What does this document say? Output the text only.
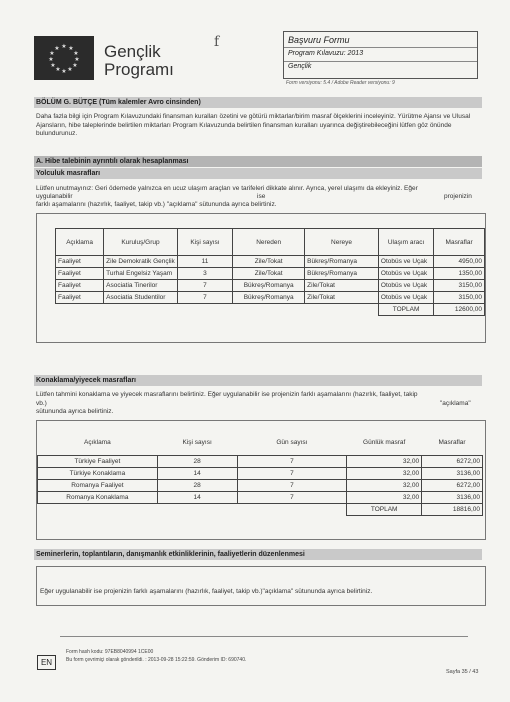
★ ★
★
★
★
★
★
★
★
★
★
★	Gençlik
Programı
f	Başvuru Formu
Program Kılavuzu: 2013
Gençlik
Form versiyonu: 5.4 / Adobe Reader versiyonu: 9
BÖLÜM G. BÜTÇE (Tüm kalemler Avro cinsinden)
Daha fazla bilgi için Program Kılavuzundaki finansman kuralları özetini ve götürü miktarlar/birim masraf ölçeklerini inceleyiniz. Yürütme Ajansı ve Ulusal Ajansların, hibe taleplerinde belirtilen miktarları Program Kılavuzunda belirtilen finansman kuralları uyarınca değiştirebileceğini lütfen göz önünde bulundurunuz.
A. Hibe talebinin ayrıntılı olarak hesaplanması
Yolculuk masrafları
Lütfen unutmayınız: Geri ödemede yalnızca en ucuz ulaşım araçları ve tarifeleri dikkate alınır. Ayrıca, yerel ulaşımı da ekleyiniz. Eğer
uygulanabilir	ise	projenizin
farklı aşamalarını (hazırlık, faaliyet, takip vb.) "açıklama" sütununda ayrıca belirtiniz.
Açıklama	Kuruluş/Grup	Kişi sayısı	Nereden	Nereye	Ulaşım aracı	Masraflar
Faaliyet	Zile Demokratik Gençlik	11	Zile/Tokat	Bükreş/Romanya	Otobüs ve Uçak	4950,00
Faaliyet	Turhal Engelsiz Yaşam	3	Zile/Tokat	Bükreş/Romanya	Otobüs ve Uçak	1350,00
Faaliyet	Asociatia Tinerilor	7	Bükreş/Romanya	Zile/Tokat	Otobüs ve Uçak	3150,00
Faaliyet	Asociatia Studentilor	7	Bükreş/Romanya	Zile/Tokat	Otobüs ve Uçak	3150,00
					TOPLAM	12600,00
Konaklama/yiyecek masrafları
Lütfen tahmini konaklama ve yiyecek masraflarını belirtiniz. Eğer uygulanabilir ise projenizin farklı aşamalarını (hazırlık, faaliyet, takip
vb.)	"açıklama"
sütununda ayrıca belirtiniz.
Açıklama	Kişi sayısı	Gün sayısı	Günlük masraf	Masraflar
Türkiye Faaliyet	28	7	32,00	6272,00
Türkiye Konaklama	14	7	32,00	3136,00
Romanya Faaliyet	28	7	32,00	6272,00
Romanya Konaklama	14	7	32,00	3136,00
			TOPLAM	18816,00
Seminerlerin, toplantıların, danışmanlık etkinliklerinin, faaliyetlerin düzenlenmesi
Eğer uygulanabilir ise projenizin farklı aşamalarını (hazırlık, faaliyet, takip vb.)"açıklama" sütununda ayrıca belirtiniz.
EN
Form hash kodu: 97EB8040994 1CE00
Bu form çevrimiçi olarak gönderildi. : 2013-09-28 15:22:59. Gönderim ID: 690740.
Sayfa 35 / 43
